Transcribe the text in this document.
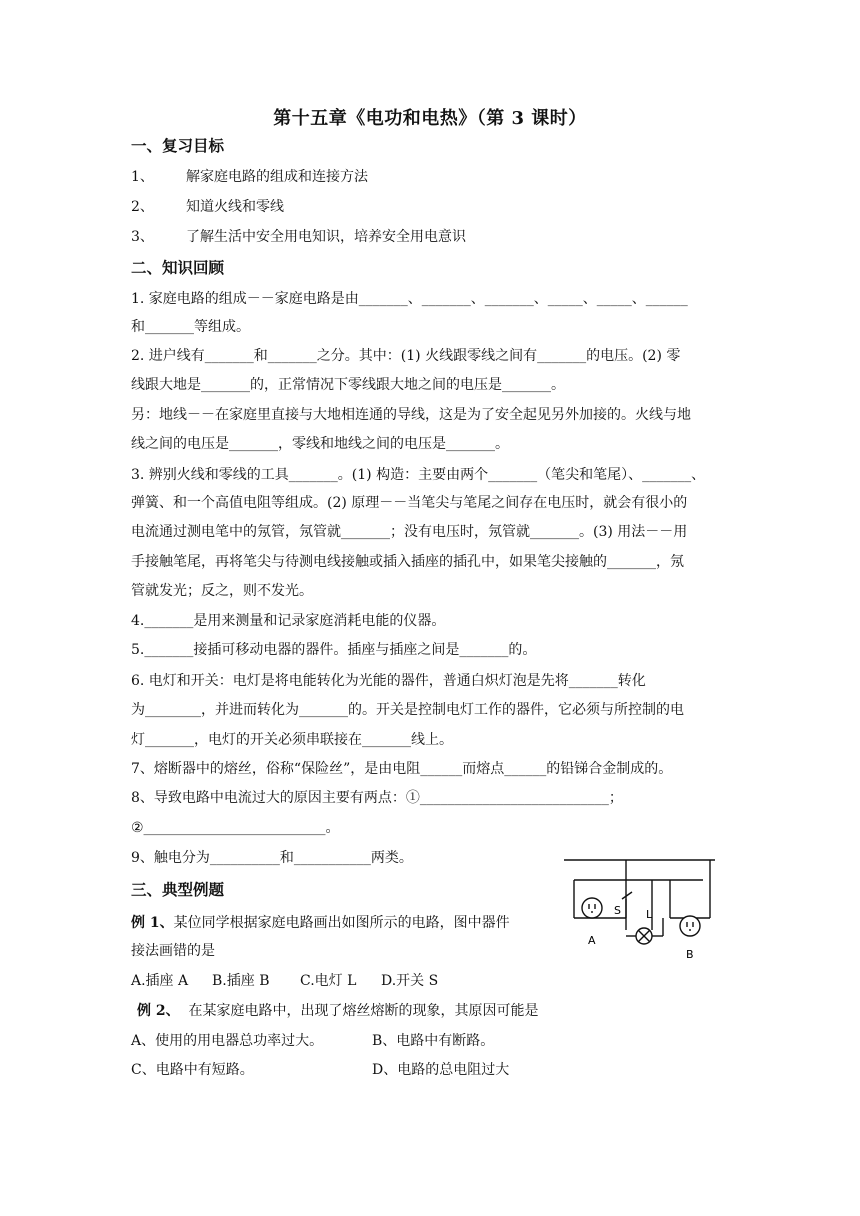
第十五章《电功和电热》（第 3 课时）
一、复习目标
1、 解家庭电路的组成和连接方法
2、 知道火线和零线
3、 了解生活中安全用电知识，培养安全用电意识
二、知识回顾
1. 家庭电路的组成－－家庭电路是由_______、_______、_______、_____、_____、______
和_______等组成。
2. 进户线有_______和_______之分。其中：(1) 火线跟零线之间有_______的电压。(2) 零
线跟大地是_______的，正常情况下零线跟大地之间的电压是_______。
另：地线－－在家庭里直接与大地相连通的导线，这是为了安全起见另外加接的。火线与地
线之间的电压是_______，零线和地线之间的电压是_______。
3. 辨别火线和零线的工具_______。(1) 构造：主要由两个_______（笔尖和笔尾）、_______、
弹簧、和一个高值电阻等组成。(2) 原理－－当笔尖与笔尾之间存在电压时，就会有很小的
电流通过测电笔中的氖管，氖管就_______；没有电压时，氖管就_______。(3) 用法－－用
手接触笔尾，再将笔尖与待测电线接触或插入插座的插孔中，如果笔尖接触的_______，氖
管就发光；反之，则不发光。
4._______是用来测量和记录家庭消耗电能的仪器。
5._______接插可移动电器的器件。插座与插座之间是_______的。
6. 电灯和开关：电灯是将电能转化为光能的器件，普通白炽灯泡是先将_______转化
为________，并进而转化为_______的。开关是控制电灯工作的器件，它必须与所控制的电
灯_______，电灯的开关必须串联接在_______线上。
7、熔断器中的熔丝，俗称“保险丝”，是由电阻______而熔点______的铅锑合金制成的。
8、导致电路中电流过大的原因主要有两点：①___________________________；
②__________________________。
9、触电分为__________和___________两类。
三、典型例题
例 1、某位同学根据家庭电路画出如图所示的电路，图中器件
接法画错的是
A.插座 A B.插座 B C.电灯 L D.开关 S
例 2、 在某家庭电路中，出现了熔丝熔断的现象，其原因可能是
A、使用的用电器总功率过大。	B、电路中有断路。
C、电路中有短路。	D、电路的总电阻过大
S L
A
B
